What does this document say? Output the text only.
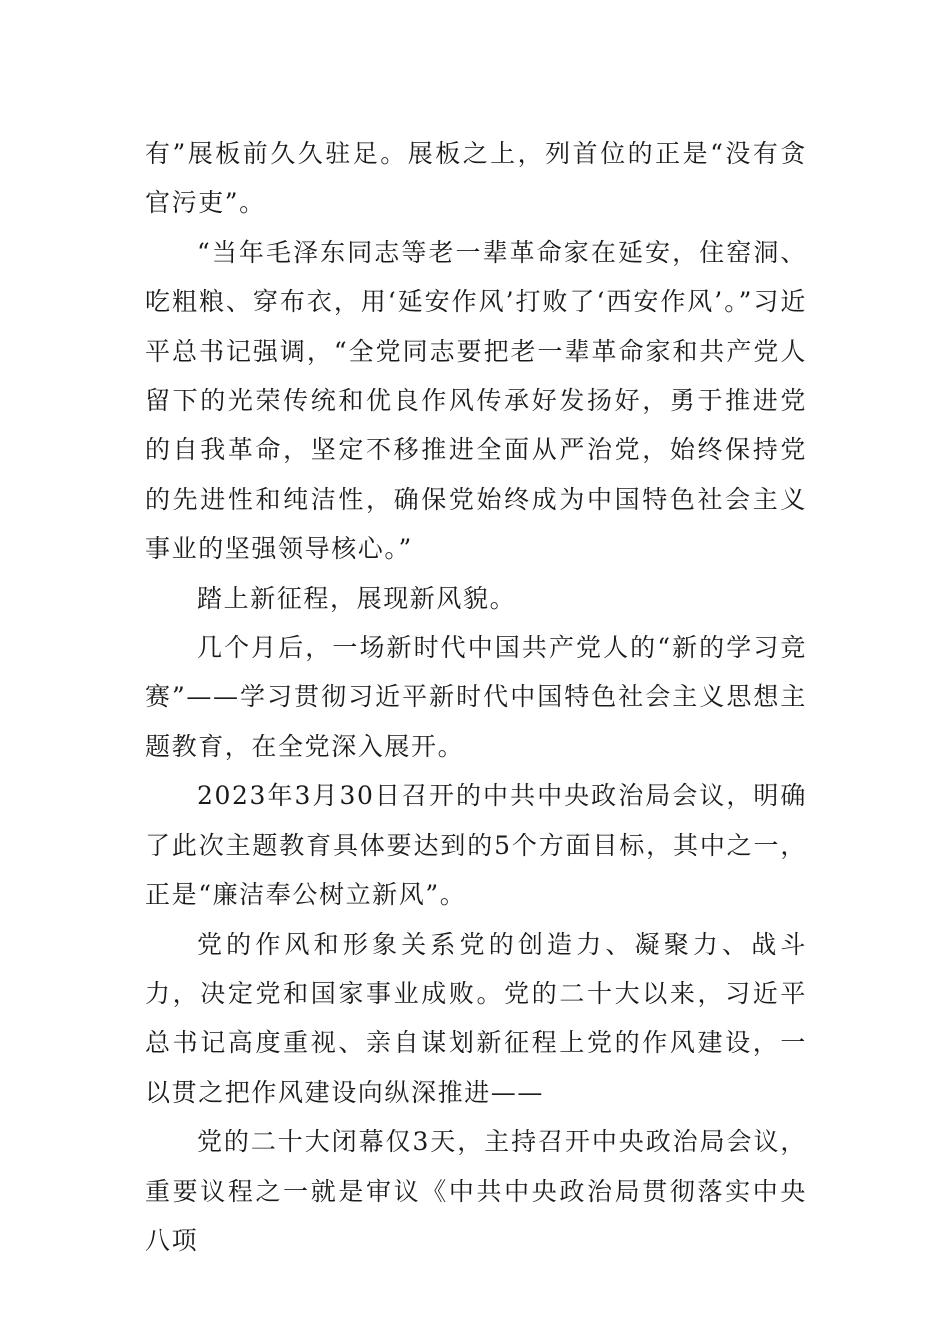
有”展板前久久驻足。展板之上，列首位的正是“没有贪官污吏”。

“当年毛泽东同志等老一辈革命家在延安，住窑洞、吃粗粮、穿布衣，用‘延安作风’打败了‘西安作风’。”习近平总书记强调，“全党同志要把老一辈革命家和共产党人留下的光荣传统和优良作风传承好发扬好，勇于推进党的自我革命，坚定不移推进全面从严治党，始终保持党的先进性和纯洁性，确保党始终成为中国特色社会主义事业的坚强领导核心。”

踏上新征程，展现新风貌。

几个月后，一场新时代中国共产党人的“新的学习竞赛”——学习贯彻习近平新时代中国特色社会主义思想主题教育，在全党深入展开。

2023年3月30日召开的中共中央政治局会议，明确了此次主题教育具体要达到的5个方面目标，其中之一，正是“廉洁奉公树立新风”。

党的作风和形象关系党的创造力、凝聚力、战斗力，决定党和国家事业成败。党的二十大以来，习近平总书记高度重视、亲自谋划新征程上党的作风建设，一以贯之把作风建设向纵深推进——

党的二十大闭幕仅3天，主持召开中央政治局会议，重要议程之一就是审议《中共中央政治局贯彻落实中央八项
